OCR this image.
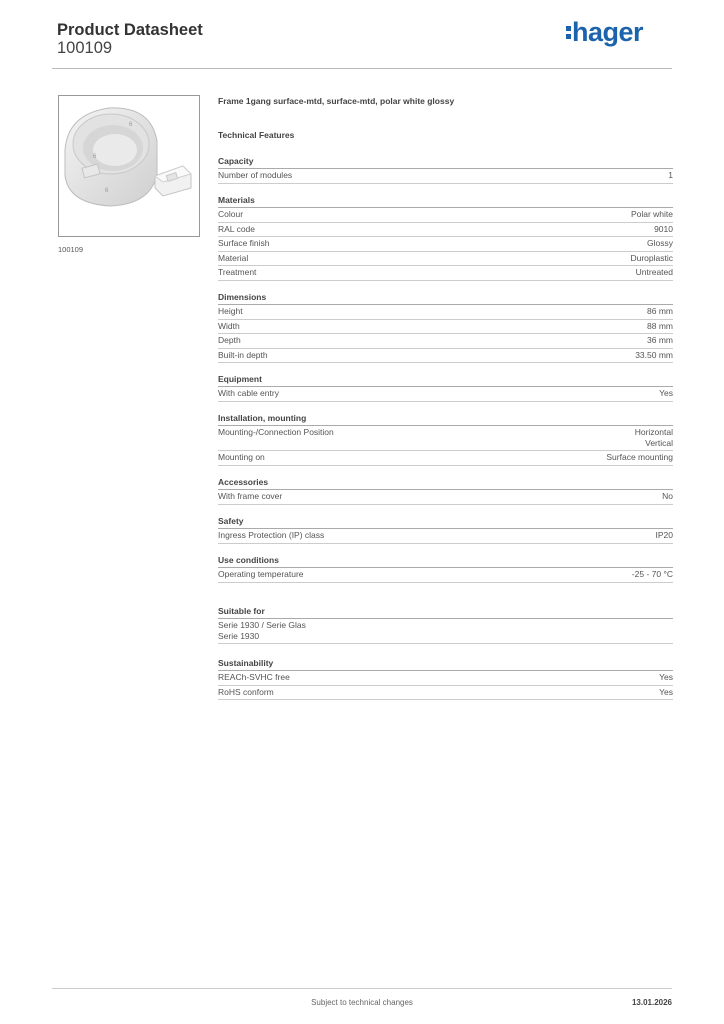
Product Datasheet
100109
hager
6
6
6
100109
Frame 1gang surface-mtd, surface-mtd, polar white glossy
Technical Features
Capacity
Number of modules	1
Materials
Colour	Polar white
RAL code	9010
Surface finish	Glossy
Material	Duroplastic
Treatment	Untreated
Dimensions
Height	86 mm
Width	88 mm
Depth	36 mm
Built-in depth	33.50 mm
Equipment
With cable entry	Yes
Installation, mounting
Mounting-/Connection Position	Horizontal
Vertical
Mounting on	Surface mounting
Accessories
With frame cover	No
Safety
Ingress Protection (IP) class	IP20
Use conditions
Operating temperature	-25 - 70 °C
Suitable for
Serie 1930 / Serie Glas
Serie 1930
Sustainability
REACh-SVHC free	Yes
RoHS conform	Yes
Subject to technical changes	13.01.2026
